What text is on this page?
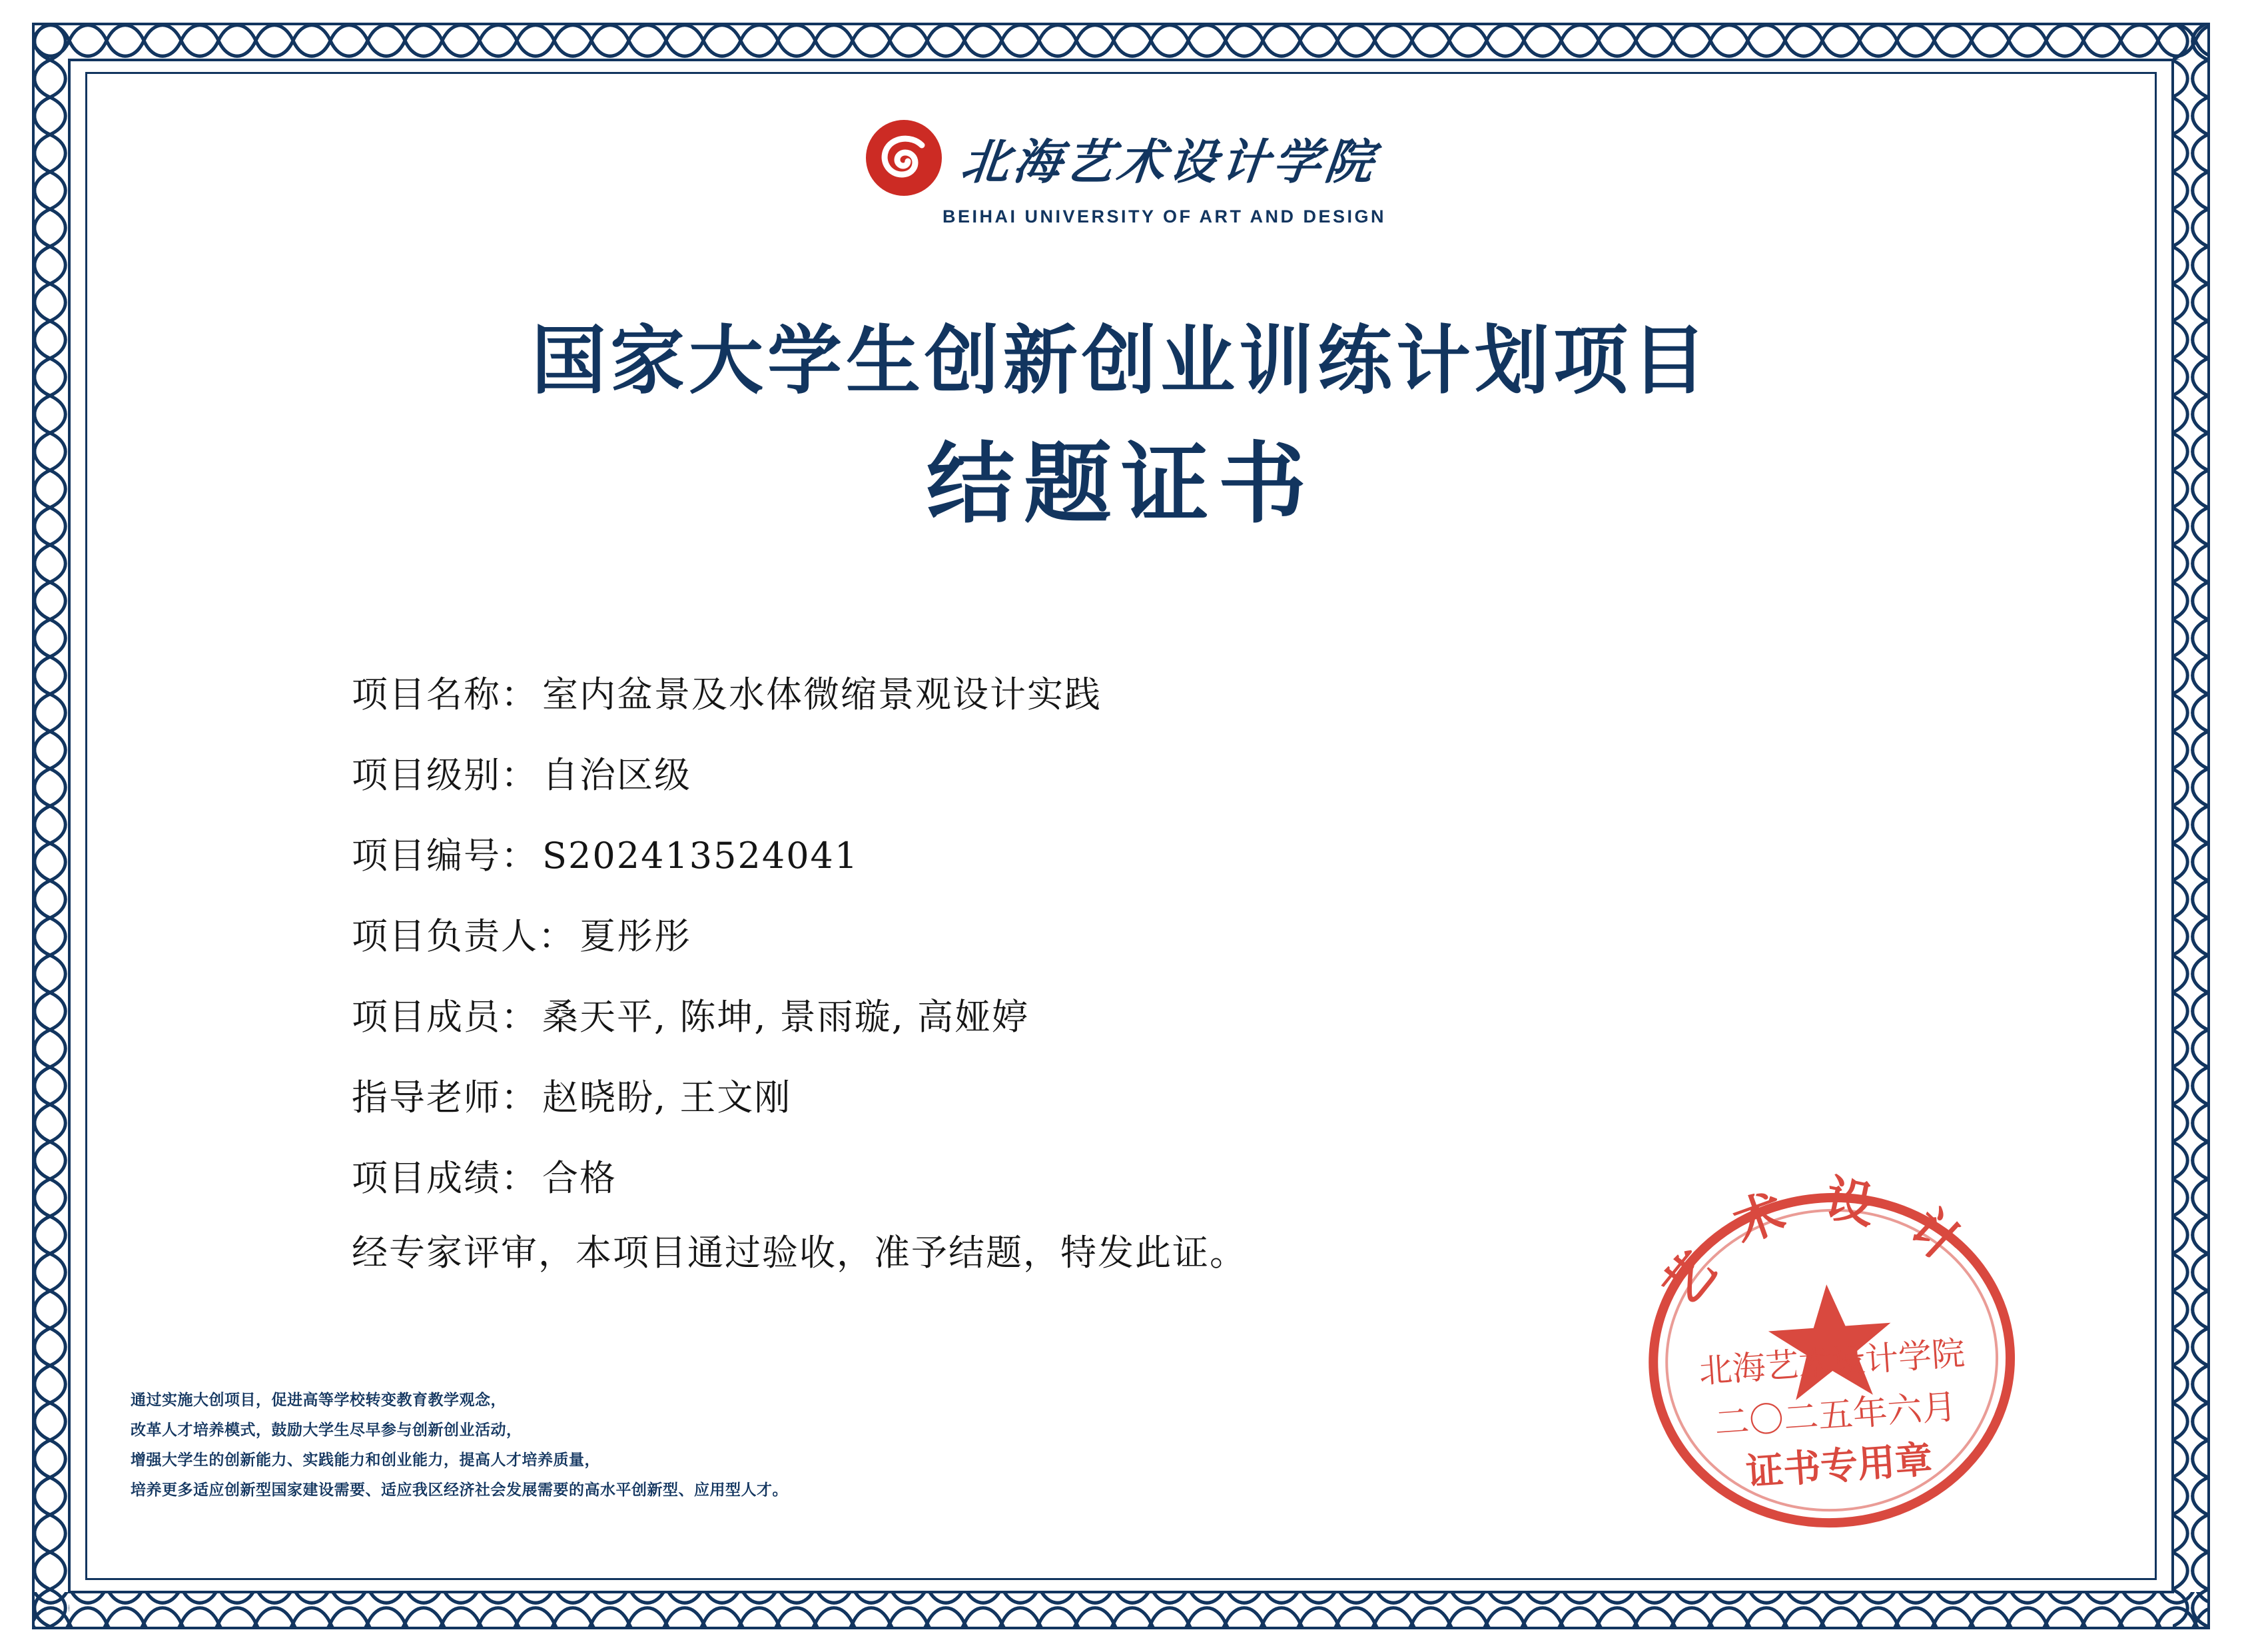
北海艺术设计学院
BEIHAI UNIVERSITY OF ART AND DESIGN
国家大学生创新创业训练计划项目
结题证书
项目名称： 室内盆景及水体微缩景观设计实践
项目级别： 自治区级
项目编号： S202413524041
项目负责人： 夏彤彤
项目成员： 桑天平, 陈坤, 景雨璇, 高娅婷
指导老师： 赵晓盼, 王文刚
项目成绩： 合格
经专家评审，本项目通过验收，准予结题，特发此证。
通过实施大创项目，促进高等学校转变教育教学观念，
改革人才培养模式，鼓励大学生尽早参与创新创业活动，
增强大学生的创新能力、实践能力和创业能力，提高人才培养质量，
培养更多适应创新型国家建设需要、适应我区经济社会发展需要的高水平创新型、应用型人才。
艺术设计
北海艺术设计学院
二〇二五年六月
证书专用章
